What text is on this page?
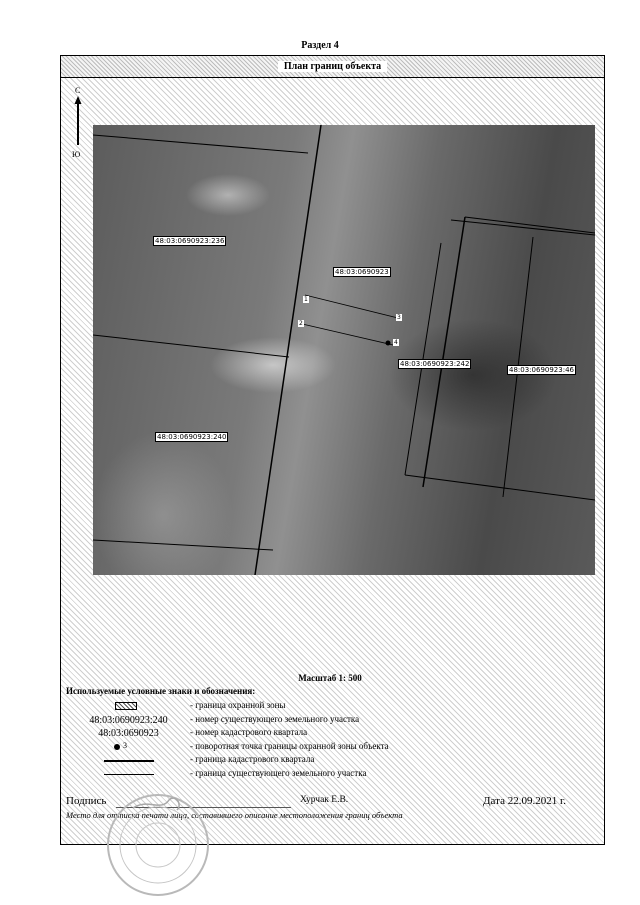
Раздел 4
План границ объекта
С
Ю
48:03:0690923:236
48:03:0690923
48:03:0690923:242
48:03:0690923:46
48:03:0690923:240
1
2
3
4
Масштаб 1: 500
Используемые условные знаки и обозначения:
- граница охранной зоны
48:03:0690923:240	- номер существующего земельного участка
48:03:0690923	- номер кадастрового квартала
3	- поворотная точка границы охранной зоны объекта
- граница кадастрового квартала
- граница существующего земельного участка
Подпись	Хурчак Е.В.	Дата 22.09.2021 г.
Место для оттиска печати лица, составившего описание местоположения границ объекта
